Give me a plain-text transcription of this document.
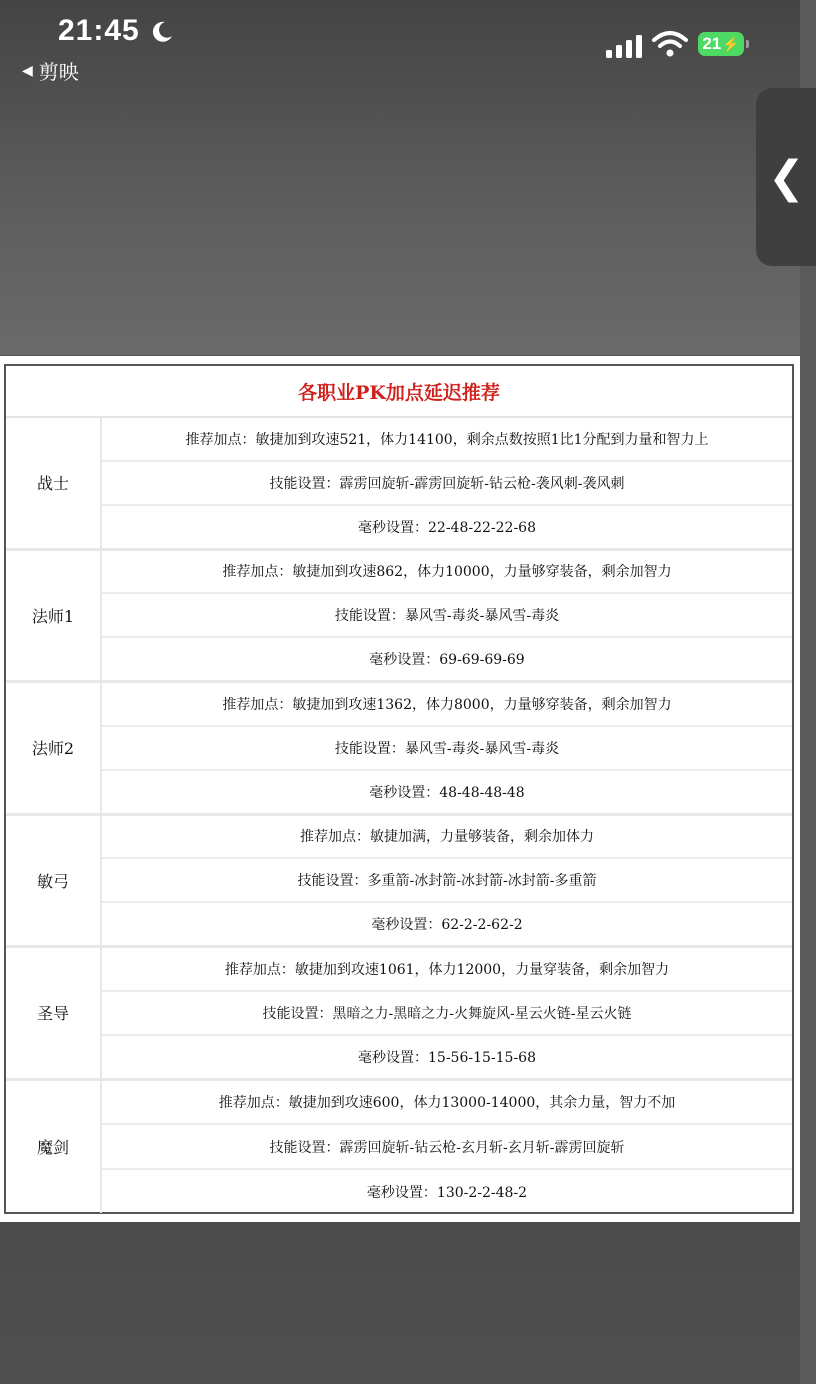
21:45
◀ 剪映
21 ⚡
❮
各职业PK加点延迟推荐
战士
推荐加点：敏捷加到攻速521，体力14100，剩余点数按照1比1分配到力量和智力上
技能设置：霹雳回旋斩-霹雳回旋斩-钻云枪-袭风刺-袭风刺
毫秒设置：22-48-22-22-68
法师1
推荐加点：敏捷加到攻速862，体力10000，力量够穿装备，剩余加智力
技能设置：暴风雪-毒炎-暴风雪-毒炎
毫秒设置：69-69-69-69
法师2
推荐加点：敏捷加到攻速1362，体力8000，力量够穿装备，剩余加智力
技能设置：暴风雪-毒炎-暴风雪-毒炎
毫秒设置：48-48-48-48
敏弓
推荐加点：敏捷加满，力量够装备，剩余加体力
技能设置：多重箭-冰封箭-冰封箭-冰封箭-多重箭
毫秒设置：62-2-2-62-2
圣导
推荐加点：敏捷加到攻速1061，体力12000，力量穿装备，剩余加智力
技能设置：黑暗之力-黑暗之力-火舞旋风-星云火链-星云火链
毫秒设置：15-56-15-15-68
魔剑
推荐加点：敏捷加到攻速600，体力13000-14000，其余力量，智力不加
技能设置：霹雳回旋斩-钻云枪-玄月斩-玄月斩-霹雳回旋斩
毫秒设置：130-2-2-48-2
